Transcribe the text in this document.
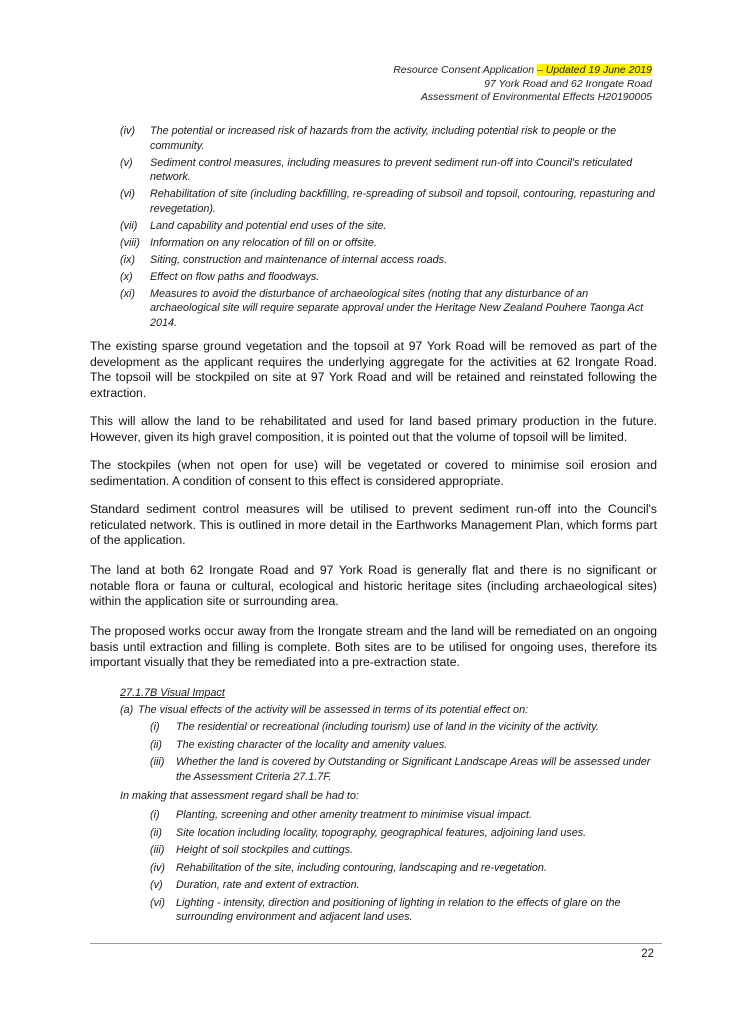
Resource Consent Application – Updated 19 June 2019
97 York Road and 62 Irongate Road
Assessment of Environmental Effects H20190005
(iv)	The potential or increased risk of hazards from the activity, including potential risk to people or the community.
(v)	Sediment control measures, including measures to prevent sediment run-off into Council's reticulated network.
(vi)	Rehabilitation of site (including backfilling, re-spreading of subsoil and topsoil, contouring, repasturing and revegetation).
(vii)	Land capability and potential end uses of the site.
(viii) Information on any relocation of fill on or offsite.
(ix)	Siting, construction and maintenance of internal access roads.
(x)	Effect on flow paths and floodways.
(xi)	Measures to avoid the disturbance of archaeological sites (noting that any disturbance of an archaeological site will require separate approval under the Heritage New Zealand Pouhere Taonga Act 2014.

The existing sparse ground vegetation and the topsoil at 97 York Road will be removed as part of the development as the applicant requires the underlying aggregate for the activities at 62 Irongate Road. The topsoil will be stockpiled on site at 97 York Road and will be retained and reinstated following the extraction.

This will allow the land to be rehabilitated and used for land based primary production in the future. However, given its high gravel composition, it is pointed out that the volume of topsoil will be limited.

The stockpiles (when not open for use) will be vegetated or covered to minimise soil erosion and sedimentation. A condition of consent to this effect is considered appropriate.

Standard sediment control measures will be utilised to prevent sediment run-off into the Council's reticulated network. This is outlined in more detail in the Earthworks Management Plan, which forms part of the application.

The land at both 62 Irongate Road and 97 York Road is generally flat and there is no significant or notable flora or fauna or cultural, ecological and historic heritage sites (including archaeological sites) within the application site or surrounding area.

The proposed works occur away from the Irongate stream and the land will be remediated on an ongoing basis until extraction and filling is complete. Both sites are to be utilised for ongoing uses, therefore its important visually that they be remediated into a pre-extraction state.

27.1.7B Visual Impact
(a) The visual effects of the activity will be assessed in terms of its potential effect on:
(i)	The residential or recreational (including tourism) use of land in the vicinity of the activity.
(ii)	The existing character of the locality and amenity values.
(iii)	Whether the land is covered by Outstanding or Significant Landscape Areas will be assessed under the Assessment Criteria 27.1.7F.
In making that assessment regard shall be had to:
(i)	Planting, screening and other amenity treatment to minimise visual impact.
(ii)	Site location including locality, topography, geographical features, adjoining land uses.
(iii)	Height of soil stockpiles and cuttings.
(iv)	Rehabilitation of the site, including contouring, landscaping and re-vegetation.
(v)	Duration, rate and extent of extraction.
(vi)	Lighting - intensity, direction and positioning of lighting in relation to the effects of glare on the surrounding environment and adjacent land uses.
22
